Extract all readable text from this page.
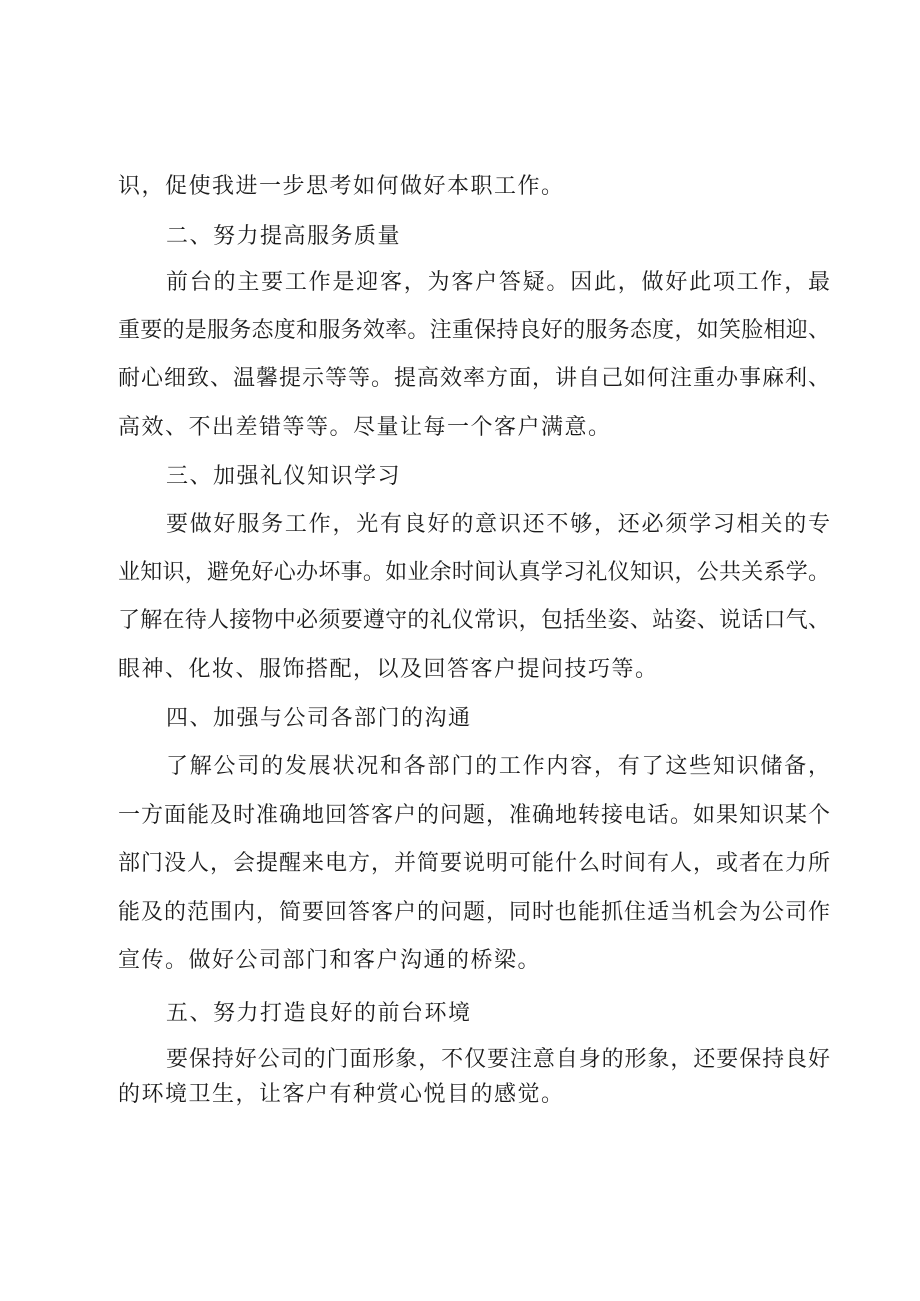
识，促使我进一步思考如何做好本职工作。
二、努力提高服务质量
前台的主要工作是迎客，为客户答疑。因此，做好此项工作，最
重要的是服务态度和服务效率。注重保持良好的服务态度，如笑脸相迎、
耐心细致、温馨提示等等。提高效率方面，讲自己如何注重办事麻利、
高效、不出差错等等。尽量让每一个客户满意。
三、加强礼仪知识学习
要做好服务工作，光有良好的意识还不够，还必须学习相关的专
业知识，避免好心办坏事。如业余时间认真学习礼仪知识，公共关系学。
了解在待人接物中必须要遵守的礼仪常识，包括坐姿、站姿、说话口气、
眼神、化妆、服饰搭配，以及回答客户提问技巧等。
四、加强与公司各部门的沟通
了解公司的发展状况和各部门的工作内容，有了这些知识储备，
一方面能及时准确地回答客户的问题，准确地转接电话。如果知识某个
部门没人，会提醒来电方，并简要说明可能什么时间有人，或者在力所
能及的范围内，简要回答客户的问题，同时也能抓住适当机会为公司作
宣传。做好公司部门和客户沟通的桥梁。
五、努力打造良好的前台环境
要保持好公司的门面形象，不仅要注意自身的形象，还要保持良好
的环境卫生，让客户有种赏心悦目的感觉。
